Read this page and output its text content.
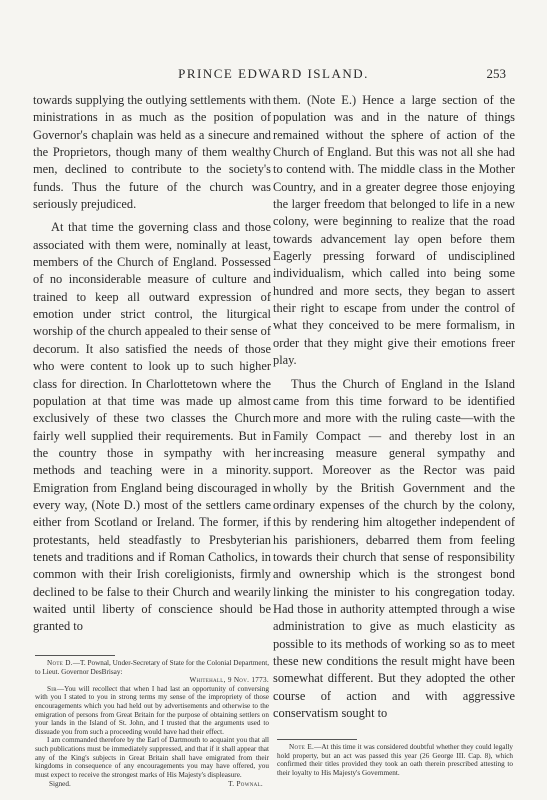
PRINCE EDWARD ISLAND.	253

towards supplying the outlying settlements with ministrations in as much as the position of Governor's chaplain was held as a sinecure and the Proprietors, though many of them wealthy men, declined to contribute to the society's funds. Thus the future of the church was seriously prejudiced.

At that time the governing class and those associated with them were, nominally at least, members of the Church of England. Possessed of no inconsiderable measure of culture and trained to keep all outward expression of emotion under strict control, the liturgical worship of the church appealed to their sense of decorum. It also satisfied the needs of those who were content to look up to such higher class for direction. In Charlottetown where the population at that time was made up almost exclusively of these two classes the Church fairly well supplied their requirements. But in the country those in sympathy with her methods and teaching were in a minority. Emigration from England being discouraged in every way, (Note D.) most of the settlers came either from Scotland or Ireland. The former, if protestants, held steadfastly to Presbyterian tenets and traditions and if Roman Catholics, in common with their Irish coreligionists, firmly declined to be false to their Church and wearily waited until liberty of conscience should be granted to

them. (Note E.) Hence a large section of the population was and in the nature of things remained without the sphere of action of the Church of England. But this was not all she had to contend with. The middle class in the Mother Country, and in a greater degree those enjoying the larger freedom that belonged to life in a new colony, were beginning to realize that the road towards advancement lay open before them Eagerly pressing forward of undisciplined individualism, which called into being some hundred and more sects, they began to assert their right to escape from under the control of what they conceived to be mere formalism, in order that they might give their emotions freer play.

Thus the Church of England in the Island came from this time forward to be identified more and more with the ruling caste—with the Family Compact — and thereby lost in an increasing measure general sympathy and support. Moreover as the Rector was paid wholly by the British Government and the ordinary expenses of the church by the colony, this by rendering him altogether independent of his parishioners, debarred them from feeling towards their church that sense of responsibility and ownership which is the strongest bond linking the minister to his congregation today. Had those in authority attempted through a wise administration to give as much elasticity as possible to its methods of working so as to meet these new conditions the result might have been somewhat different. But they adopted the other course of action and with aggressive conservatism sought to

Note D.—T. Pownal, Under-Secretary of State for the Colonial Department, to Lieut. Governor DesBrisay:

Whitehall, 9 Nov. 1773.

Sir—You will recollect that when I had last an opportunity of conversing with you I stated to you in strong terms my sense of the impropriety of those encouragements which you had held out by advertisements and otherwise to the emigration of persons from Great Britain for the purpose of obtaining settlers on your lands in the Island of St. John, and I trusted that the arguments used to dissuade you from such a proceeding would have had their effect.

I am commanded therefore by the Earl of Dartmouth to acquaint you that all such publications must be immediately suppressed, and that if it shall appear that any of the King's subjects in Great Britain shall have emigrated from their kingdoms in consequence of any encouragements you may have offered, you must expect to receive the strongest marks of His Majesty's displeasure.

Signed.	T. Pownal.

Note E.—At this time it was considered doubtful whether they could legally hold property, but an act was passed this year (26 George III. Cap. 8), which confirmed their titles provided they took an oath therein prescribed attesting to their loyalty to His Majesty's Government.
